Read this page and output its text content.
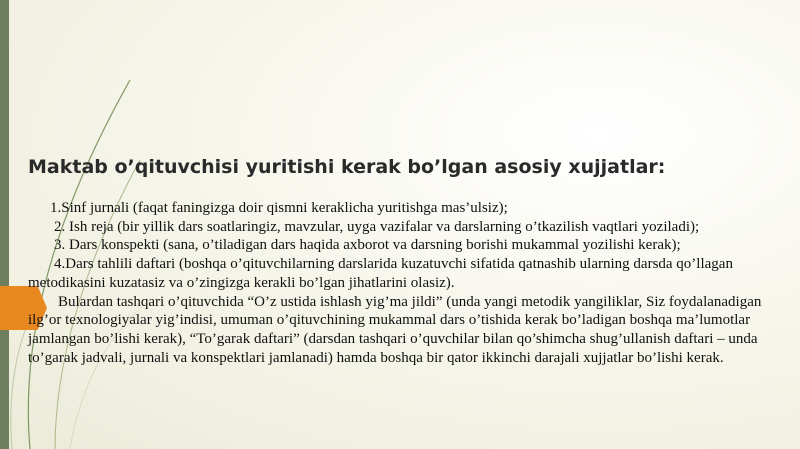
Maktab o’qituvchisi yuritishi kerak bo’lgan asosiy xujjatlar:

1.Sinf jurnali (faqat faningizga doir qismni keraklicha yuritishga mas’ulsiz);

2. Ish reja (bir yillik dars soatlaringiz, mavzular, uyga vazifalar va darslarning o’tkazilish vaqtlari yoziladi);

3. Dars konspekti (sana, o’tiladigan dars haqida axborot va darsning borishi mukammal yozilishi kerak);

4.Dars tahlili daftari (boshqa o’qituvchilarning darslarida kuzatuvchi sifatida qatnashib ularning darsda qo’llagan metodikasini kuzatasiz va o’zingizga kerakli bo’lgan jihatlarini olasiz).

Bulardan tashqari o’qituvchida “O’z ustida ishlash yig’ma jildi” (unda yangi metodik yangiliklar, Siz foydalanadigan ilg’or texnologiyalar yig’indisi, umuman o’qituvchining mukammal dars o’tishida kerak bo’ladigan boshqa ma’lumotlar jamlangan bo’lishi kerak), “To’garak daftari” (darsdan tashqari o’quvchilar bilan qo’shimcha shug’ullanish daftari – unda to’garak jadvali, jurnali va konspektlari jamlanadi) hamda boshqa bir qator ikkinchi darajali xujjatlar bo’lishi kerak.
